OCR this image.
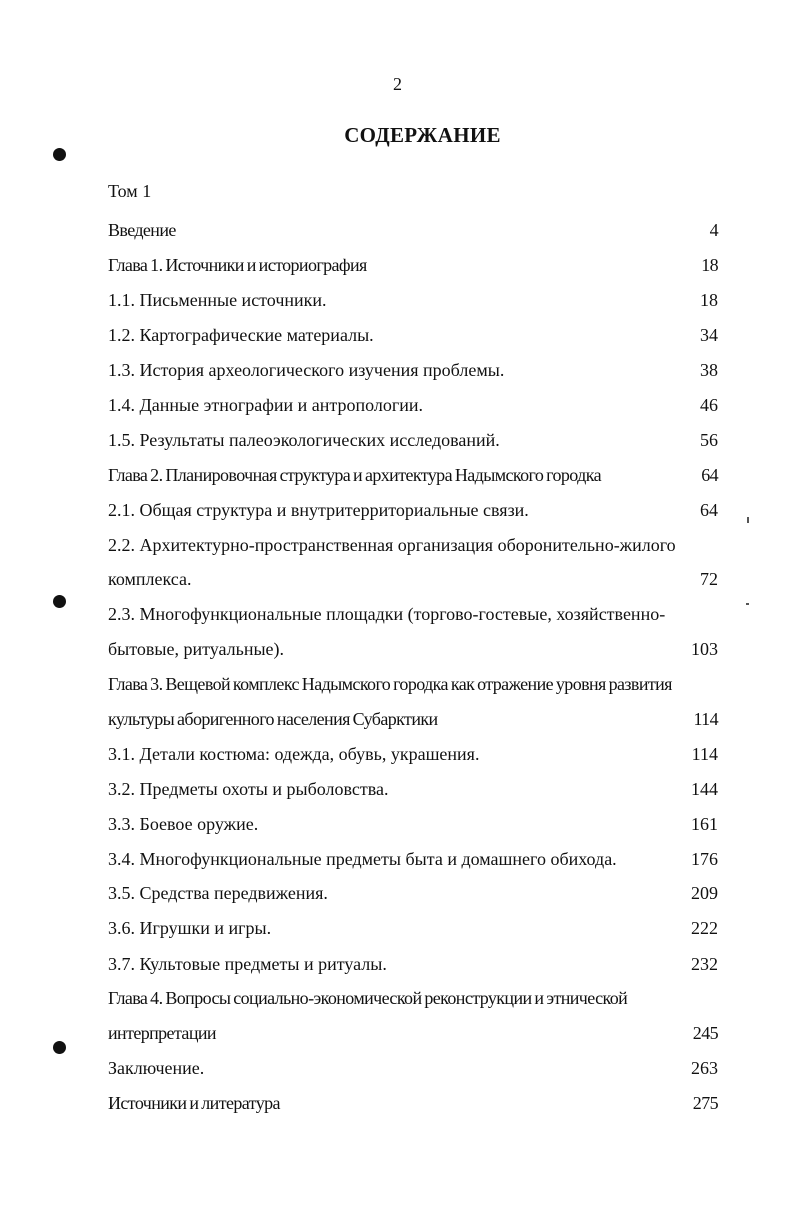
2
СОДЕРЖАНИЕ
Том 1
Введение	4
Глава 1. Источники и историография	18
1.1. Письменные источники.	18
1.2. Картографические материалы.	34
1.3. История археологического изучения проблемы.	38
1.4. Данные этнографии и антропологии.	46
1.5. Результаты палеоэкологических исследований.	56
Глава 2. Планировочная структура и архитектура Надымского городка	64
2.1. Общая структура и внутритерриториальные связи.	64
2.2. Архитектурно-пространственная организация оборонительно-жилого
комплекса.	72
2.3. Многофункциональные площадки (торгово-гостевые, хозяйственно-
бытовые, ритуальные).	103
Глава 3. Вещевой комплекс Надымского городка как отражение уровня развития
культуры аборигенного населения Субарктики	114
3.1. Детали костюма: одежда, обувь, украшения.	114
3.2. Предметы охоты и рыболовства.	144
3.3. Боевое оружие.	161
3.4. Многофункциональные предметы быта и домашнего обихода.	176
3.5. Средства передвижения.	209
3.6. Игрушки и игры.	222
3.7. Культовые предметы и ритуалы.	232
Глава 4. Вопросы социально-экономической реконструкции и этнической
интерпретации	245
Заключение.	263
Источники и литература	275
